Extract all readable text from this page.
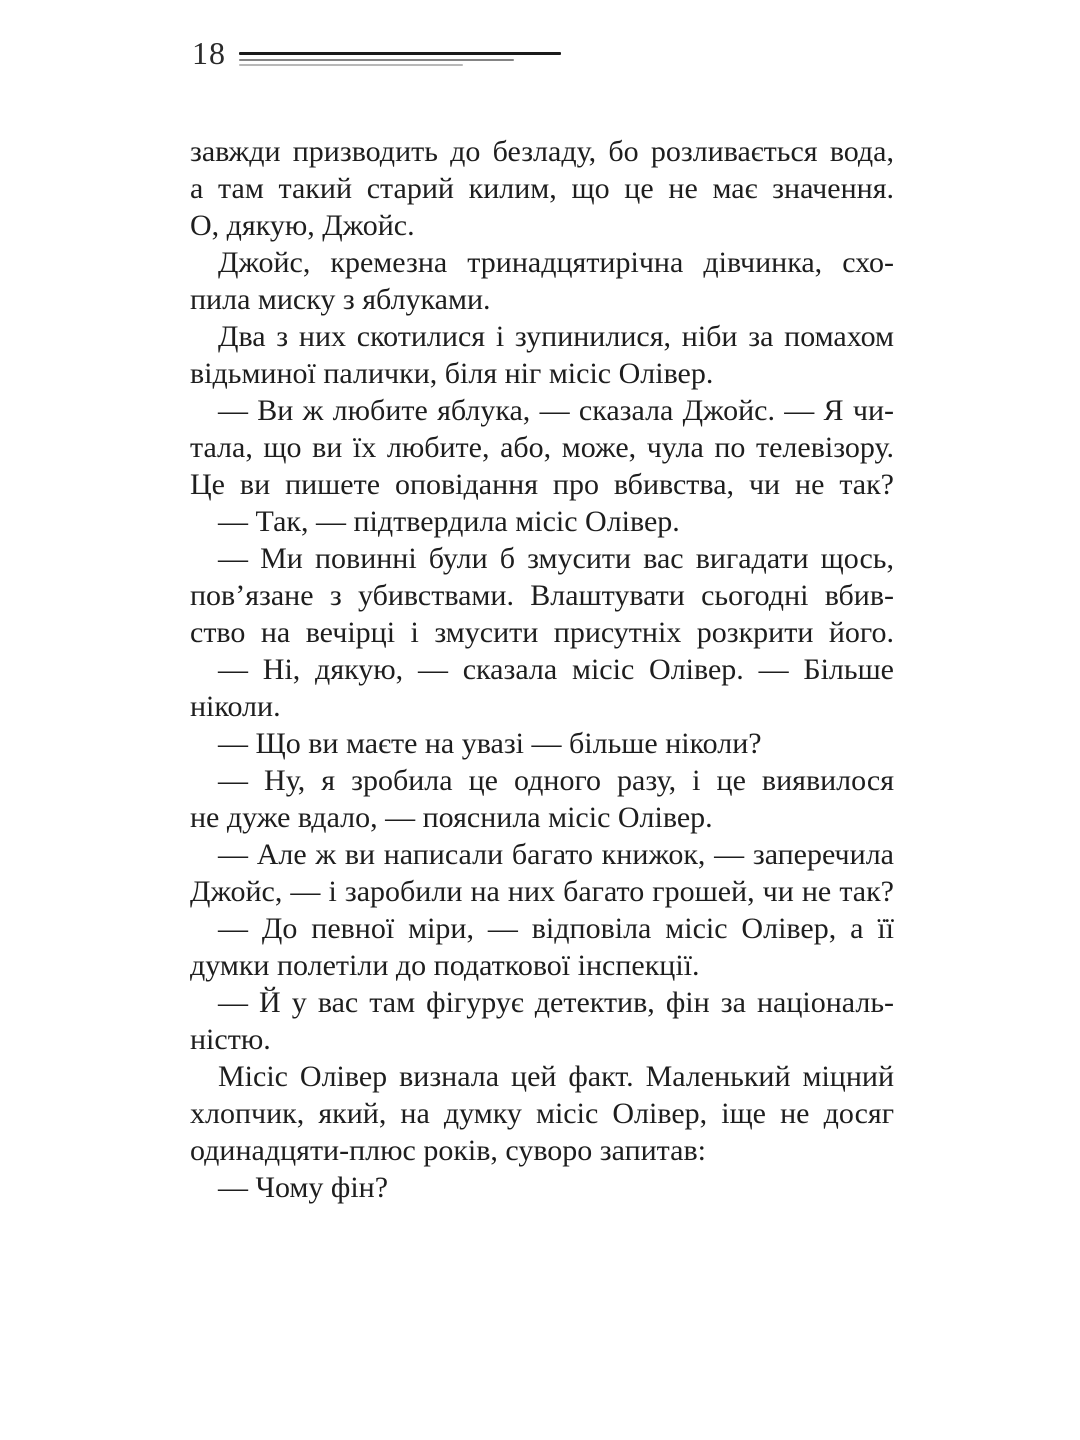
18

завжди призводить до безладу, бо розливається вода,
а там такий старий килим, що це не має значення.
О, дякую, Джойс.

Джойс, кремезна тринадцятирічна дівчинка, схо-
пила миску з яблуками.

Два з них скотилися і зупинилися, ніби за помахом
відьминої палички, біля ніг місіс Олівер.

— Ви ж любите яблука, — сказала Джойс. — Я чи-
тала, що ви їх любите, або, може, чула по телевізору.
Це ви пишете оповідання про вбивства, чи не так?

— Так, — підтвердила місіс Олівер.

— Ми повинні були б змусити вас вигадати щось,
пов’язане з убивствами. Влаштувати сьогодні вбив-
ство на вечірці і змусити присутніх розкрити його.

— Ні, дякую, — сказала місіс Олівер. — Більше
ніколи.

— Що ви маєте на увазі — більше ніколи?

— Ну, я зробила це одного разу, і це виявилося
не дуже вдало, — пояснила місіс Олівер.

— Але ж ви написали багато книжок, — заперечила
Джойс, — і заробили на них багато грошей, чи не так?

— До певної міри, — відповіла місіс Олівер, а її
думки полетіли до податкової інспекції.

— Й у вас там фігурує детектив, фін за національ-
ністю.

Місіс Олівер визнала цей факт. Маленький міцний
хлопчик, який, на думку місіс Олівер, іще не досяг
одинадцяти-плюс років, суворо запитав:

— Чому фін?
